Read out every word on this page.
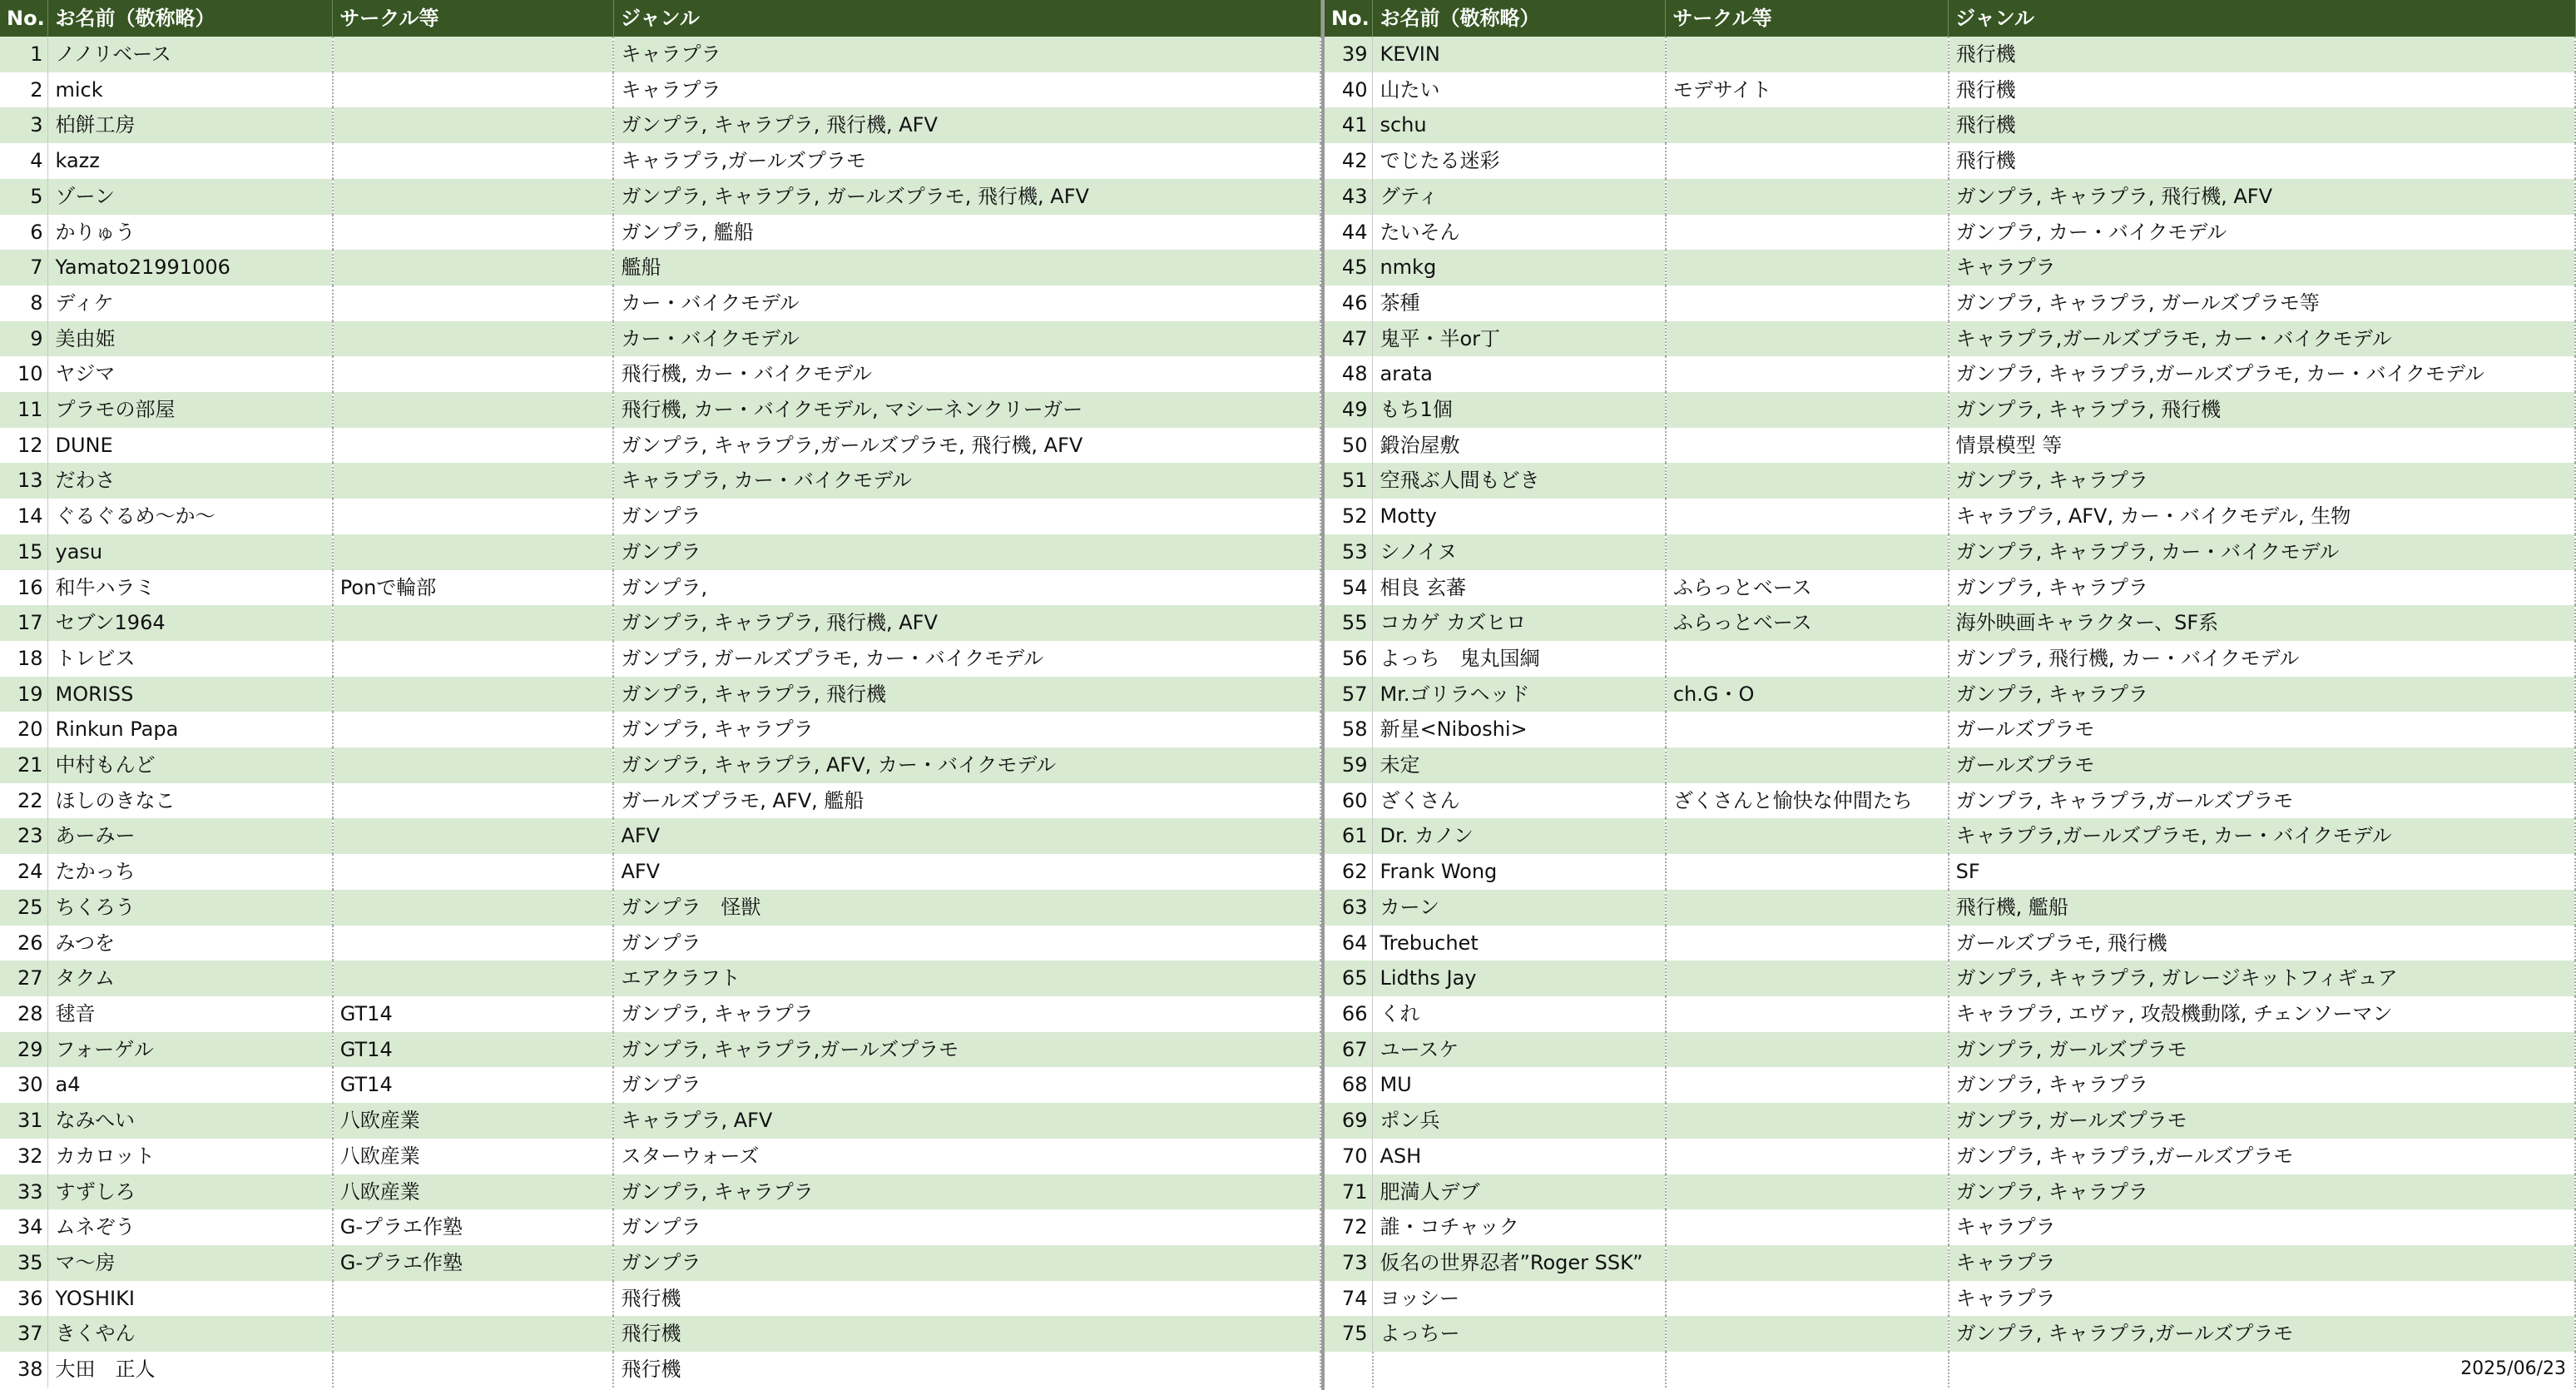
No.	お名前（敬称略）	サークル等	ジャンル
1	ノノリベース		キャラプラ
2	mick		キャラプラ
3	柏餅工房		ガンプラ, キャラプラ, 飛行機, AFV
4	kazz		キャラプラ,ガールズプラモ
5	ゾーン		ガンプラ, キャラプラ, ガールズプラモ, 飛行機, AFV
6	かりゅう		ガンプラ, 艦船
7	Yamato21991006		艦船
8	ディケ		カー・バイクモデル
9	美由姫		カー・バイクモデル
10	ヤジマ		飛行機, カー・バイクモデル
11	プラモの部屋		飛行機, カー・バイクモデル, マシーネンクリーガー
12	DUNE		ガンプラ, キャラプラ,ガールズプラモ, 飛行機, AFV
13	だわさ		キャラプラ, カー・バイクモデル
14	ぐるぐるめ～か～		ガンプラ
15	yasu		ガンプラ
16	和牛ハラミ	Ponで輪部	ガンプラ,
17	セブン1964		ガンプラ, キャラプラ, 飛行機, AFV
18	トレビス		ガンプラ, ガールズプラモ, カー・バイクモデル
19	MORISS		ガンプラ, キャラプラ, 飛行機
20	Rinkun Papa		ガンプラ, キャラプラ
21	中村もんど		ガンプラ, キャラプラ, AFV, カー・バイクモデル
22	ほしのきなこ		ガールズプラモ, AFV, 艦船
23	あーみー		AFV
24	たかっち		AFV
25	ちくろう		ガンプラ　怪獣
26	みつを		ガンプラ
27	タクム		エアクラフト
28	毬音	GT14	ガンプラ, キャラプラ
29	フォーゲル	GT14	ガンプラ, キャラプラ,ガールズプラモ
30	a4	GT14	ガンプラ
31	なみへい	八欧産業	キャラプラ, AFV
32	カカロット	八欧産業	スターウォーズ
33	すずしろ	八欧産業	ガンプラ, キャラプラ
34	ムネぞう	G-プラエ作塾	ガンプラ
35	マ～房	G-プラエ作塾	ガンプラ
36	YOSHIKI		飛行機
37	きくやん		飛行機
38	大田　正人		飛行機
No.	お名前（敬称略）	サークル等	ジャンル
39	KEVIN		飛行機
40	山たい	モデサイト	飛行機
41	schu		飛行機
42	でじたる迷彩		飛行機
43	グティ		ガンプラ, キャラプラ, 飛行機, AFV
44	たいそん		ガンプラ, カー・バイクモデル
45	nmkg		キャラプラ
46	茶種		ガンプラ, キャラプラ, ガールズプラモ等
47	鬼平・半or丁		キャラプラ,ガールズプラモ, カー・バイクモデル
48	arata		ガンプラ, キャラプラ,ガールズプラモ, カー・バイクモデル
49	もち1個		ガンプラ, キャラプラ, 飛行機
50	鍛治屋敷		情景模型 等
51	空飛ぶ人間もどき		ガンプラ, キャラプラ
52	Motty		キャラプラ, AFV, カー・バイクモデル, 生物
53	シノイヌ		ガンプラ, キャラプラ, カー・バイクモデル
54	相良 玄蕃	ふらっとベース	ガンプラ, キャラプラ
55	コカゲ カズヒロ	ふらっとベース	海外映画キャラクター、SF系
56	よっち　鬼丸国綱		ガンプラ, 飛行機, カー・バイクモデル
57	Mr.ゴリラヘッド	ch.G・O	ガンプラ, キャラプラ
58	新星<Niboshi>		ガールズプラモ
59	未定		ガールズプラモ
60	ざくさん	ざくさんと愉快な仲間たち	ガンプラ, キャラプラ,ガールズプラモ
61	Dr. カノン		キャラプラ,ガールズプラモ, カー・バイクモデル
62	Frank Wong		SF
63	カーン		飛行機, 艦船
64	Trebuchet		ガールズプラモ, 飛行機
65	Lidths Jay		ガンプラ, キャラプラ, ガレージキットフィギュア
66	くれ		キャラプラ, エヴァ, 攻殻機動隊, チェンソーマン
67	ユースケ		ガンプラ, ガールズプラモ
68	MU		ガンプラ, キャラプラ
69	ポン兵		ガンプラ, ガールズプラモ
70	ASH		ガンプラ, キャラプラ,ガールズプラモ
71	肥満人デブ		ガンプラ, キャラプラ
72	誰・コチャック		キャラプラ
73	仮名の世界忍者”Roger SSK”		キャラプラ
74	ヨッシー		キャラプラ
75	よっちー		ガンプラ, キャラプラ,ガールズプラモ
			2025/06/23
